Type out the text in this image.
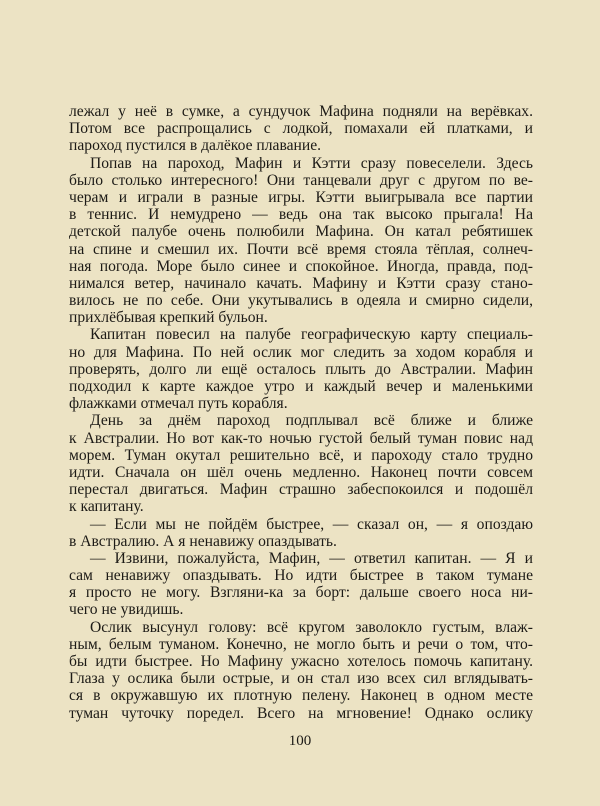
лежал у неё в сумке, а сундучок Мафина подняли на верёвках.
Потом все распрощались с лодкой, помахали ей платками, и
пароход пустился в далёкое плавание.
Попав на пароход, Мафин и Кэтти сразу повеселели. Здесь
было столько интересного! Они танцевали друг с другом по ве-
черам и играли в разные игры. Кэтти выигрывала все партии
в теннис. И немудрено — ведь она так высоко прыгала! На
детской палубе очень полюбили Мафина. Он катал ребятишек
на спине и смешил их. Почти всё время стояла тёплая, солнеч-
ная погода. Море было синее и спокойное. Иногда, правда, под-
нимался ветер, начинало качать. Мафину и Кэтти сразу стано-
вилось не по себе. Они укутывались в одеяла и смирно сидели,
прихлёбывая крепкий бульон.
Капитан повесил на палубе географическую карту специаль-
но для Мафина. По ней ослик мог следить за ходом корабля и
проверять, долго ли ещё осталось плыть до Австралии. Мафин
подходил к карте каждое утро и каждый вечер и маленькими
флажками отмечал путь корабля.
День за днём пароход подплывал всё ближе и ближе
к Австралии. Но вот как-то ночью густой белый туман повис над
морем. Туман окутал решительно всё, и пароходу стало трудно
идти. Сначала он шёл очень медленно. Наконец почти совсем
перестал двигаться. Мафин страшно забеспокоился и подошёл
к капитану.
— Если мы не пойдём быстрее, — сказал он, — я опоздаю
в Австралию. А я ненавижу опаздывать.
— Извини, пожалуйста, Мафин, — ответил капитан. — Я и
сам ненавижу опаздывать. Но идти быстрее в таком тумане
я просто не могу. Взгляни-ка за борт: дальше своего носа ни-
чего не увидишь.
Ослик высунул голову: всё кругом заволокло густым, влаж-
ным, белым туманом. Конечно, не могло быть и речи о том, что-
бы идти быстрее. Но Мафину ужасно хотелось помочь капитану.
Глаза у ослика были острые, и он стал изо всех сил вглядывать-
ся в окружавшую их плотную пелену. Наконец в одном месте
туман чуточку поредел. Всего на мгновение! Однако ослику
100
